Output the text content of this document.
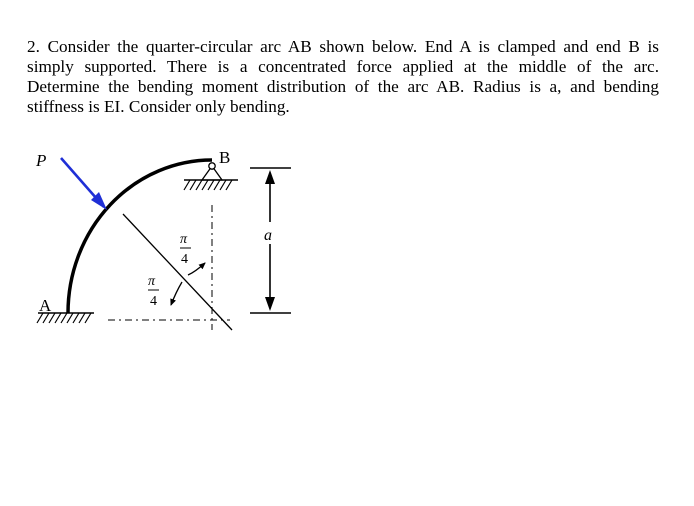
2. Consider the quarter-circular arc AB shown below. End A is clamped and end B is
simply supported. There is a concentrated force applied at the middle of the arc.
Determine the bending moment distribution of the arc AB. Radius is a, and bending
stiffness is EI. Consider only bending.
P
A
B
a
π
4
π
4
